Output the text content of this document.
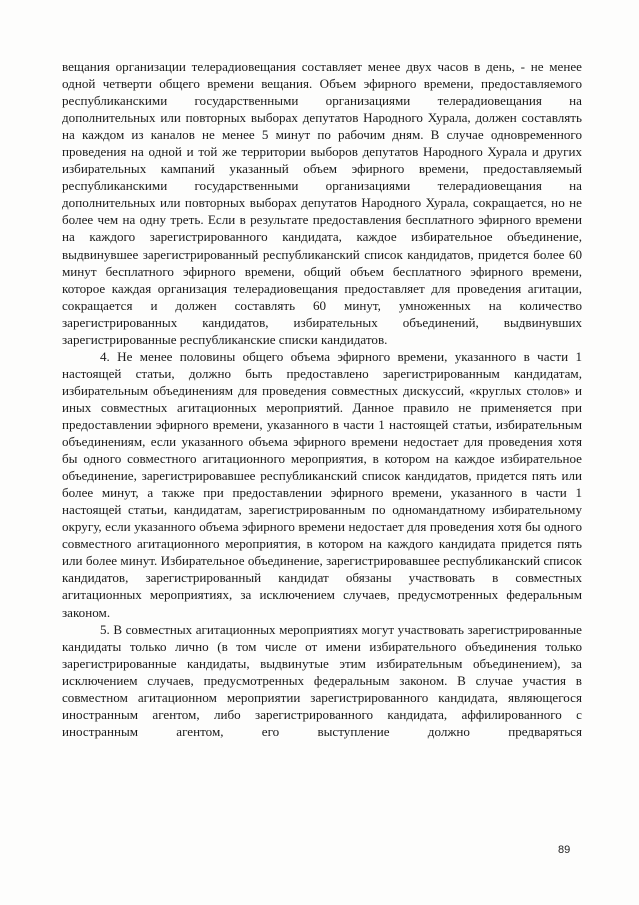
вещания организации телерадиовещания составляет менее двух часов в день, - не менее одной четверти общего времени вещания. Объем эфирного времени, предоставляемого республиканскими государственными организациями телерадиовещания на дополнительных или повторных выборах депутатов Народного Хурала, должен составлять на каждом из каналов не менее 5 минут по рабочим дням. В случае одновременного проведения на одной и той же территории выборов депутатов Народного Хурала и других избирательных кампаний указанный объем эфирного времени, предоставляемый республиканскими государственными организациями телерадиовещания на дополнительных или повторных выборах депутатов Народного Хурала, сокращается, но не более чем на одну треть. Если в результате предоставления бесплатного эфирного времени на каждого зарегистрированного кандидата, каждое избирательное объединение, выдвинувшее зарегистрированный республиканский список кандидатов, придется более 60 минут бесплатного эфирного времени, общий объем бесплатного эфирного времени, которое каждая организация телерадиовещания предоставляет для проведения агитации, сокращается и должен составлять 60 минут, умноженных на количество зарегистрированных кандидатов, избирательных объединений, выдвинувших зарегистрированные республиканские списки кандидатов.

4. Не менее половины общего объема эфирного времени, указанного в части 1 настоящей статьи, должно быть предоставлено зарегистрированным кандидатам, избирательным объединениям для проведения совместных дискуссий, «круглых столов» и иных совместных агитационных мероприятий. Данное правило не применяется при предоставлении эфирного времени, указанного в части 1 настоящей статьи, избирательным объединениям, если указанного объема эфирного времени недостает для проведения хотя бы одного совместного агитационного мероприятия, в котором на каждое избирательное объединение, зарегистрировавшее республиканский список кандидатов, придется пять или более минут, а также при предоставлении эфирного времени, указанного в части 1 настоящей статьи, кандидатам, зарегистрированным по одномандатному избирательному округу, если указанного объема эфирного времени недостает для проведения хотя бы одного совместного агитационного мероприятия, в котором на каждого кандидата придется пять или более минут. Избирательное объединение, зарегистрировавшее республиканский список кандидатов, зарегистрированный кандидат обязаны участвовать в совместных агитационных мероприятиях, за исключением случаев, предусмотренных федеральным законом.

5. В совместных агитационных мероприятиях могут участвовать зарегистрированные кандидаты только лично (в том числе от имени избирательного объединения только зарегистрированные кандидаты, выдвинутые этим избирательным объединением), за исключением случаев, предусмотренных федеральным законом. В случае участия в совместном агитационном мероприятии зарегистрированного кандидата, являющегося иностранным агентом, либо зарегистрированного кандидата, аффилированного с иностранным агентом, его выступление должно предваряться

89
